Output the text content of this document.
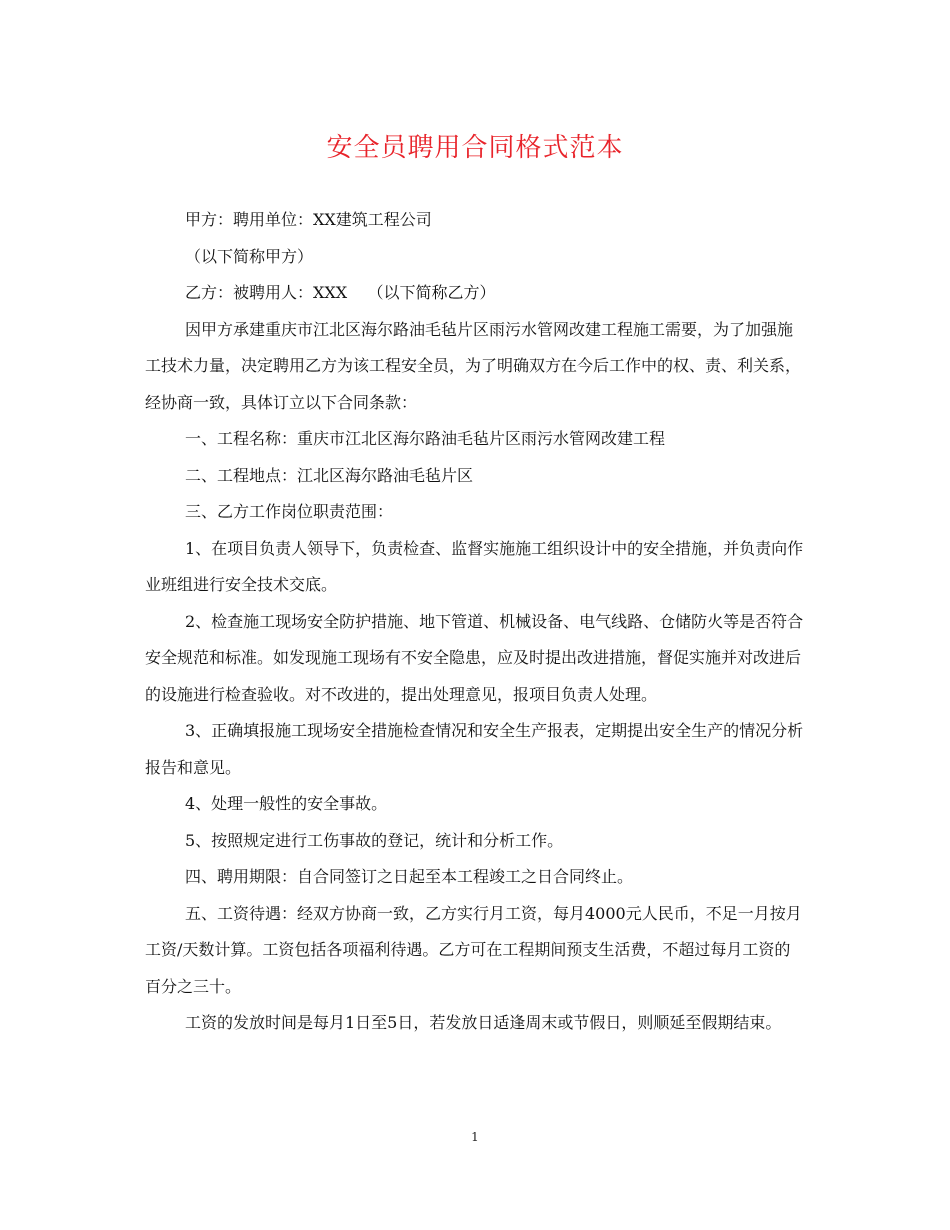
安全员聘用合同格式范本

甲方：聘用单位：XX建筑工程公司

（以下简称甲方）

乙方：被聘用人：XXX    （以下简称乙方）

因甲方承建重庆市江北区海尔路油毛毡片区雨污水管网改建工程施工需要，为了加强施工技术力量，决定聘用乙方为该工程安全员，为了明确双方在今后工作中的权、责、利关系，经协商一致，具体订立以下合同条款：

一、工程名称：重庆市江北区海尔路油毛毡片区雨污水管网改建工程

二、工程地点：江北区海尔路油毛毡片区

三、乙方工作岗位职责范围：

1、在项目负责人领导下，负责检查、监督实施施工组织设计中的安全措施，并负责向作业班组进行安全技术交底。

2、检查施工现场安全防护措施、地下管道、机械设备、电气线路、仓储防火等是否符合安全规范和标准。如发现施工现场有不安全隐患，应及时提出改进措施，督促实施并对改进后的设施进行检查验收。对不改进的，提出处理意见，报项目负责人处理。

3、正确填报施工现场安全措施检查情况和安全生产报表，定期提出安全生产的情况分析报告和意见。

4、处理一般性的安全事故。

5、按照规定进行工伤事故的登记，统计和分析工作。

四、聘用期限：自合同签订之日起至本工程竣工之日合同终止。

五、工资待遇：经双方协商一致，乙方实行月工资，每月4000元人民币，不足一月按月工资/天数计算。工资包括各项福利待遇。乙方可在工程期间预支生活费，不超过每月工资的百分之三十。

工资的发放时间是每月1日至5日，若发放日适逢周末或节假日，则顺延至假期结束。

1
